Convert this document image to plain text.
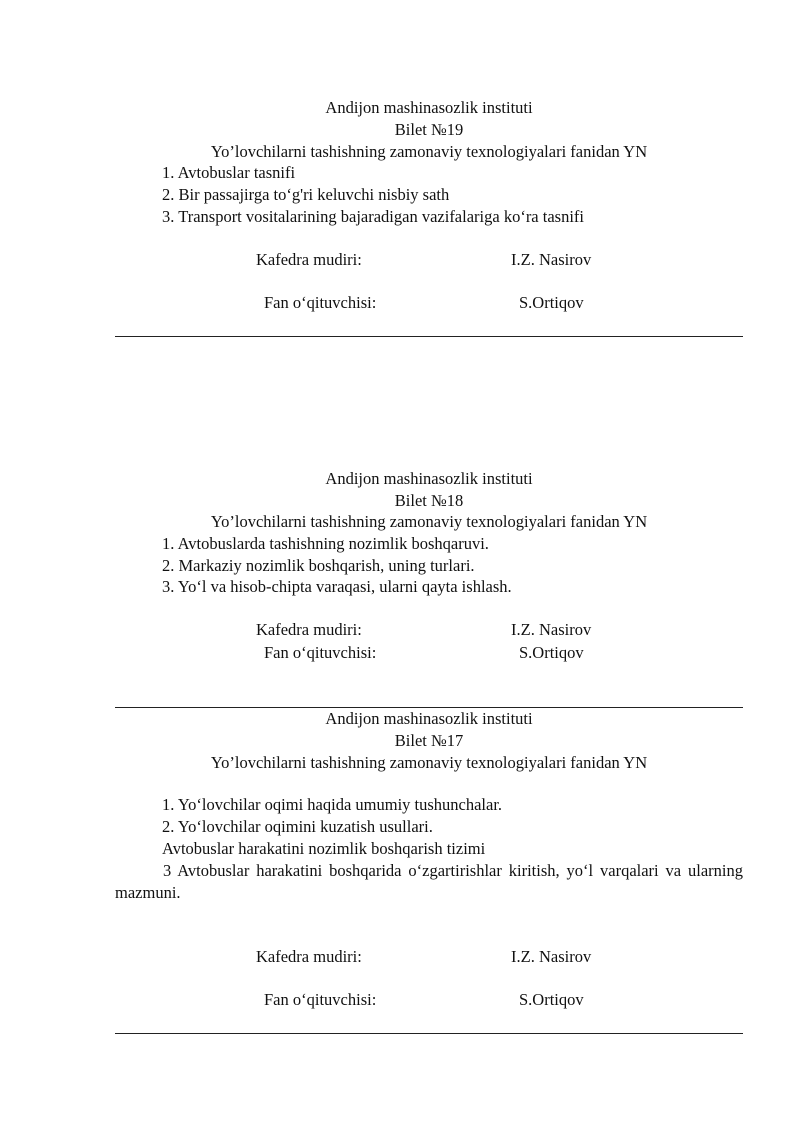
Andijon mashinasozlik instituti
Bilet №19
Yo’lovchilarni tashishning zamonaviy texnologiyalari fanidan YN
1. Avtobuslar tasnifi
2. Bir passajirga to‘g'ri keluvchi nisbiy sath
3. Transport vositalarining bajaradigan vazifalariga ko‘ra tasnifi
Kafedra mudiri:	I.Z. Nasirov
Fan o‘qituvchisi:	S.Ortiqov
Andijon mashinasozlik instituti
Bilet №18
Yo’lovchilarni tashishning zamonaviy texnologiyalari fanidan YN
1. Avtobuslarda tashishning nozimlik boshqaruvi.
2. Markaziy nozimlik boshqarish, uning turlari.
3. Yo‘l va hisob-chipta varaqasi, ularni qayta ishlash.
Kafedra mudiri:	I.Z. Nasirov
Fan o‘qituvchisi:	S.Ortiqov
Andijon mashinasozlik instituti
Bilet №17
Yo’lovchilarni tashishning zamonaviy texnologiyalari fanidan YN
1. Yo‘lovchilar oqimi haqida umumiy tushunchalar.
2. Yo‘lovchilar oqimini kuzatish usullari.
Avtobuslar harakatini nozimlik boshqarish tizimi
3 Avtobuslar harakatini boshqarida o‘zgartirishlar kiritish, yo‘l varqalari va ularning mazmuni.
Kafedra mudiri:	I.Z. Nasirov
Fan o‘qituvchisi:	S.Ortiqov
